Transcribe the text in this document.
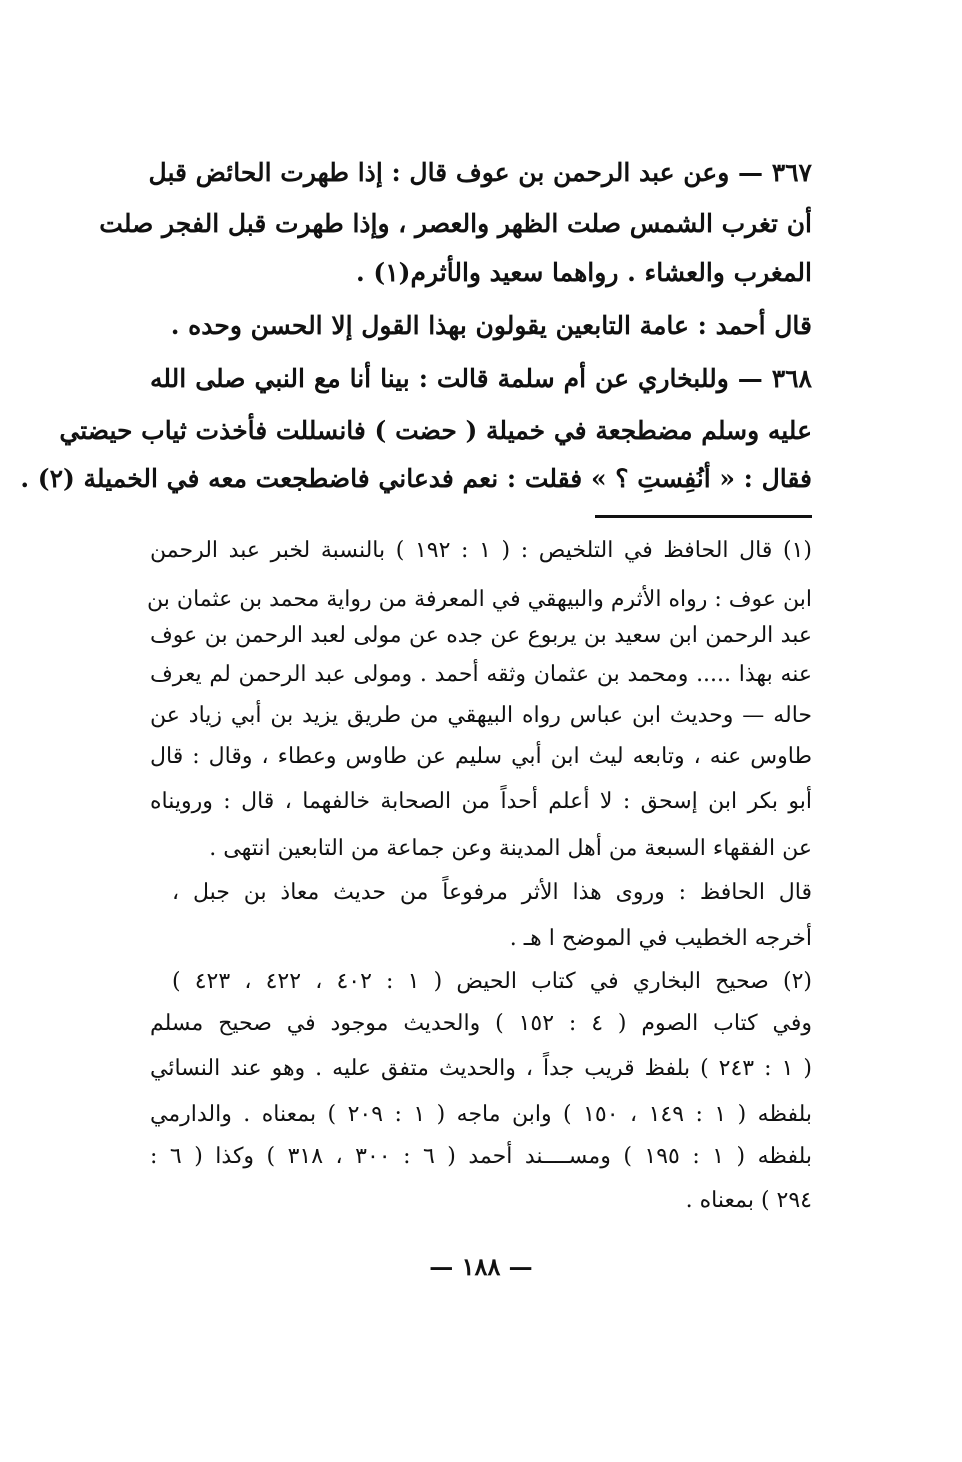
٣٦٧ — وعن عبد الرحمن بن عوف قال : إذا طهرت الحائض قبل
أن تغرب الشمس صلت الظهر والعصر ، وإذا طهرت قبل الفجر صلت
المغرب والعشاء . رواهما سعيد والأثرم(١) .
قال أحمد : عامة التابعين يقولون بهذا القول إلا الحسن وحده .
٣٦٨ — وللبخاري عن أم سلمة قالت : بينا أنا مع النبي صلى الله
عليه وسلم مضطجعة في خميلة ( حضت ) فانسللت فأخذت ثياب حيضتي
فقال : « أنُفِستِ ؟ » فقلت : نعم فدعاني فاضطجعت معه في الخميلة (٢) .
(١) قال الحافظ في التلخيص : ( ١ : ١٩٢ ) بالنسبة لخبر عبد الرحمن
ابن عوف : رواه الأثرم والبيهقي في المعرفة من رواية محمد بن عثمان بن
عبد الرحمن ابن سعيد بن يربوع عن جده عن مولى لعبد الرحمن بن عوف
عنه بهذا ..... ومحمد بن عثمان وثقه أحمد . ومولى عبد الرحمن لم يعرف
حاله — وحديث ابن عباس رواه البيهقي من طريق يزيد بن أبي زياد عن
طاوس عنه ، وتابعه ليث ابن أبي سليم عن طاوس وعطاء ، وقال : قال
أبو بكر ابن إسحق : لا أعلم أحداً من الصحابة خالفهما ، قال : ورويناه
عن الفقهاء السبعة من أهل المدينة وعن جماعة من التابعين انتهى .
قال الحافظ : وروى هذا الأثر مرفوعاً من حديث معاذ بن جبل ،
أخرجه الخطيب في الموضح ا هـ .
(٢) صحيح البخاري في كتاب الحيض ( ١ : ٤٠٢ ، ٤٢٢ ، ٤٢٣ )
وفي كتاب الصوم ( ٤ : ١٥٢ ) والحديث موجود في صحيح مسلم
( ١ : ٢٤٣ ) بلفظ قريب جداً ، والحديث متفق عليه . وهو عند النسائي
بلفظه ( ١ : ١٤٩ ، ١٥٠ ) وابن ماجه ( ١ : ٢٠٩ ) بمعناه . والدارمي
بلفظه ( ١ : ١٩٥ ) ومســــند أحمد ( ٦ : ٣٠٠ ، ٣١٨ ) وكذا ( ٦ :
٢٩٤ ) بمعناه .
— ١٨٨ —
